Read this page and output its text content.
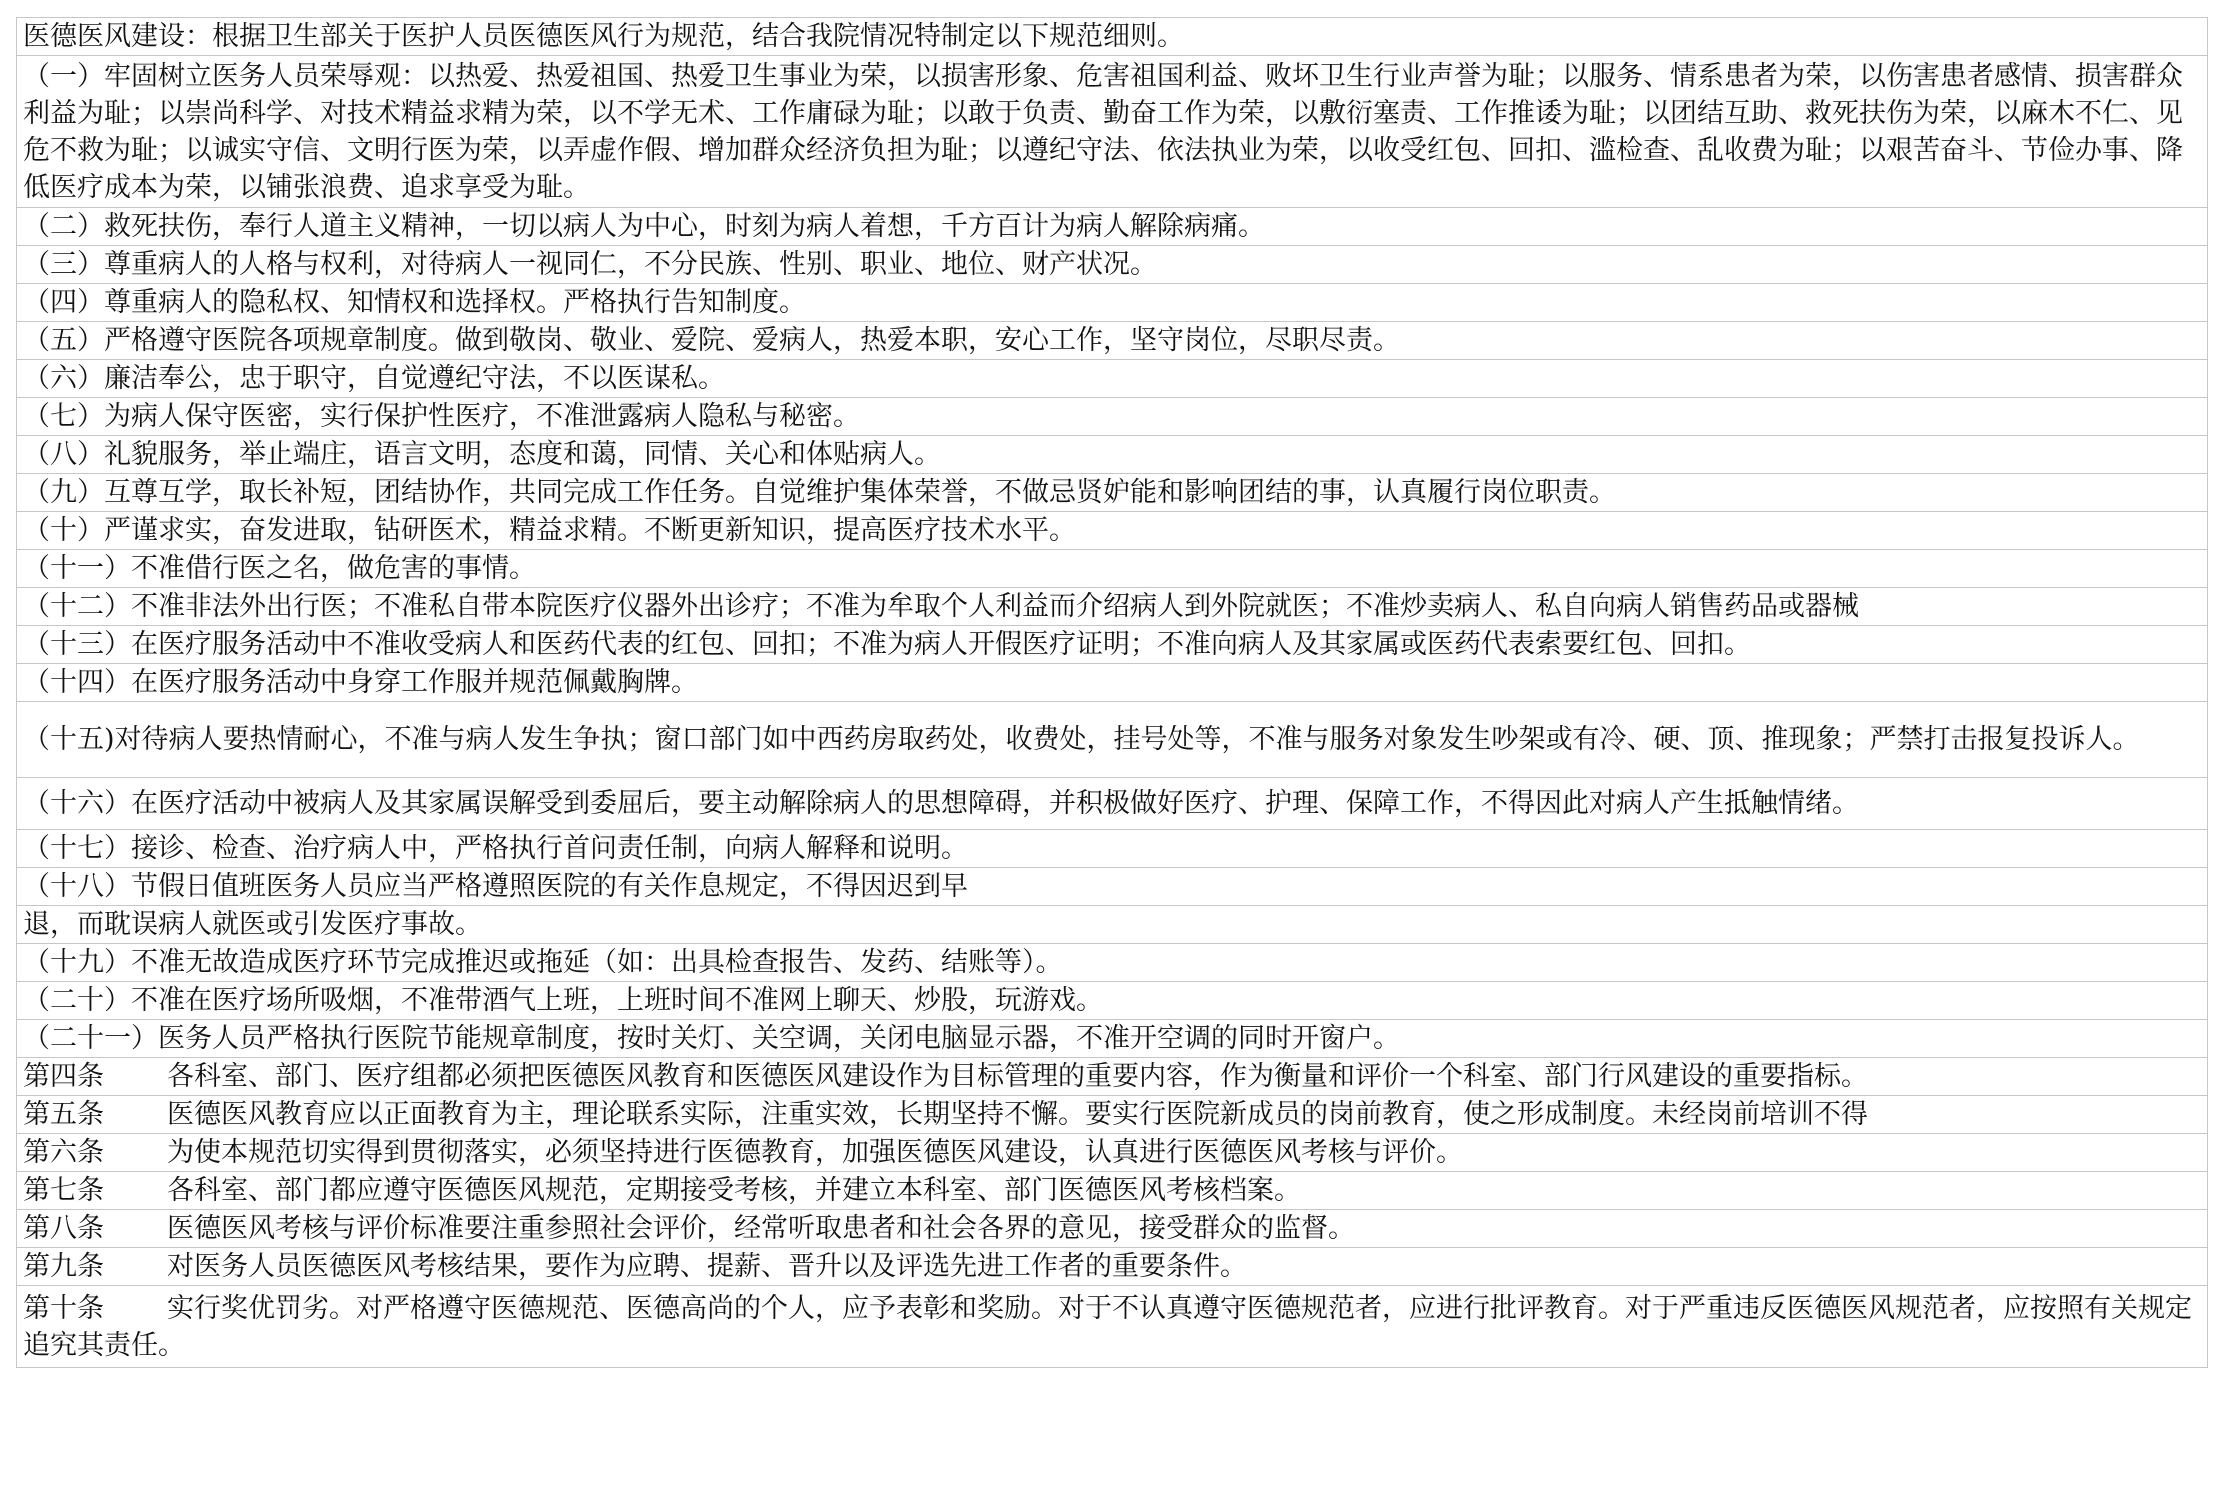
医德医风建设：根据卫生部关于医护人员医德医风行为规范，结合我院情况特制定以下规范细则。
（一）牢固树立医务人员荣辱观：以热爱、热爱祖国、热爱卫生事业为荣，以损害形象、危害祖国利益、败坏卫生行业声誉为耻；以服务、情系患者为荣，以伤害患者感情、损害群众利益为耻；以崇尚科学、对技术精益求精为荣，以不学无术、工作庸碌为耻；以敢于负责、勤奋工作为荣，以敷衍塞责、工作推诿为耻；以团结互助、救死扶伤为荣，以麻木不仁、见危不救为耻；以诚实守信、文明行医为荣，以弄虚作假、增加群众经济负担为耻；以遵纪守法、依法执业为荣，以收受红包、回扣、滥检查、乱收费为耻；以艰苦奋斗、节俭办事、降低医疗成本为荣，以铺张浪费、追求享受为耻。
（二）救死扶伤，奉行人道主义精神，一切以病人为中心，时刻为病人着想，千方百计为病人解除病痛。
（三）尊重病人的人格与权利，对待病人一视同仁，不分民族、性别、职业、地位、财产状况。
（四）尊重病人的隐私权、知情权和选择权。严格执行告知制度。
（五）严格遵守医院各项规章制度。做到敬岗、敬业、爱院、爱病人，热爱本职，安心工作，坚守岗位，尽职尽责。
（六）廉洁奉公，忠于职守，自觉遵纪守法，不以医谋私。
（七）为病人保守医密，实行保护性医疗，不准泄露病人隐私与秘密。
（八）礼貌服务，举止端庄，语言文明，态度和蔼，同情、关心和体贴病人。
（九）互尊互学，取长补短，团结协作，共同完成工作任务。自觉维护集体荣誉，不做忌贤妒能和影响团结的事，认真履行岗位职责。
（十）严谨求实，奋发进取，钻研医术，精益求精。不断更新知识，提高医疗技术水平。
（十一）不准借行医之名，做危害的事情。
（十二）不准非法外出行医；不准私自带本院医疗仪器外出诊疗；不准为牟取个人利益而介绍病人到外院就医；不准炒卖病人、私自向病人销售药品或器械
（十三）在医疗服务活动中不准收受病人和医药代表的红包、回扣；不准为病人开假医疗证明；不准向病人及其家属或医药代表索要红包、回扣。
（十四）在医疗服务活动中身穿工作服并规范佩戴胸牌。
（十五)对待病人要热情耐心，不准与病人发生争执；窗口部门如中西药房取药处，收费处，挂号处等，不准与服务对象发生吵架或有冷、硬、顶、推现象；严禁打击报复投诉人。
（十六）在医疗活动中被病人及其家属误解受到委屈后，要主动解除病人的思想障碍，并积极做好医疗、护理、保障工作，不得因此对病人产生抵触情绪。
（十七）接诊、检查、治疗病人中，严格执行首问责任制，向病人解释和说明。
（十八）节假日值班医务人员应当严格遵照医院的有关作息规定，不得因迟到早
退，而耽误病人就医或引发医疗事故。
（十九）不准无故造成医疗环节完成推迟或拖延（如：出具检查报告、发药、结账等）。
（二十）不准在医疗场所吸烟，不准带酒气上班，上班时间不准网上聊天、炒股，玩游戏。
（二十一）医务人员严格执行医院节能规章制度，按时关灯、关空调，关闭电脑显示器，不准开空调的同时开窗户。
第四条 各科室、部门、医疗组都必须把医德医风教育和医德医风建设作为目标管理的重要内容，作为衡量和评价一个科室、部门行风建设的重要指标。
第五条 医德医风教育应以正面教育为主，理论联系实际，注重实效，长期坚持不懈。要实行医院新成员的岗前教育，使之形成制度。未经岗前培训不得
第六条 为使本规范切实得到贯彻落实，必须坚持进行医德教育，加强医德医风建设，认真进行医德医风考核与评价。
第七条 各科室、部门都应遵守医德医风规范，定期接受考核，并建立本科室、部门医德医风考核档案。
第八条 医德医风考核与评价标准要注重参照社会评价，经常听取患者和社会各界的意见，接受群众的监督。
第九条 对医务人员医德医风考核结果，要作为应聘、提薪、晋升以及评选先进工作者的重要条件。
第十条 实行奖优罚劣。对严格遵守医德规范、医德高尚的个人，应予表彰和奖励。对于不认真遵守医德规范者，应进行批评教育。对于严重违反医德医风规范者，应按照有关规定追究其责任。
